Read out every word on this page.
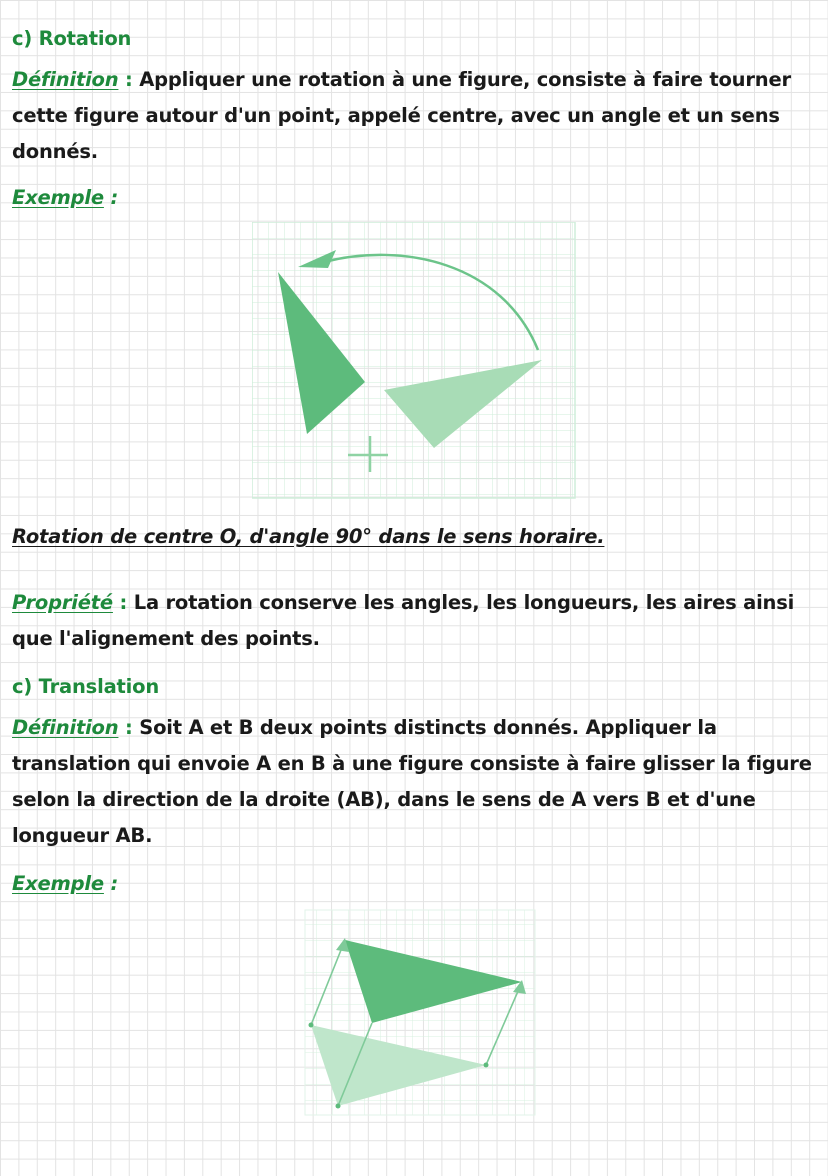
c) Rotation

Définition : Appliquer une rotation à une figure, consiste à faire tourner cette figure autour d'un point, appelé centre, avec un angle et un sens donnés.

Exemple :

Rotation de centre O, d'angle 90° dans le sens horaire.

Propriété : La rotation conserve les angles, les longueurs, les aires ainsi que l'alignement des points.

c) Translation

Définition : Soit A et B deux points distincts donnés. Appliquer la translation qui envoie A en B à une figure consiste à faire glisser la figure selon la direction de la droite (AB), dans le sens de A vers B et d'une longueur AB.

Exemple :
